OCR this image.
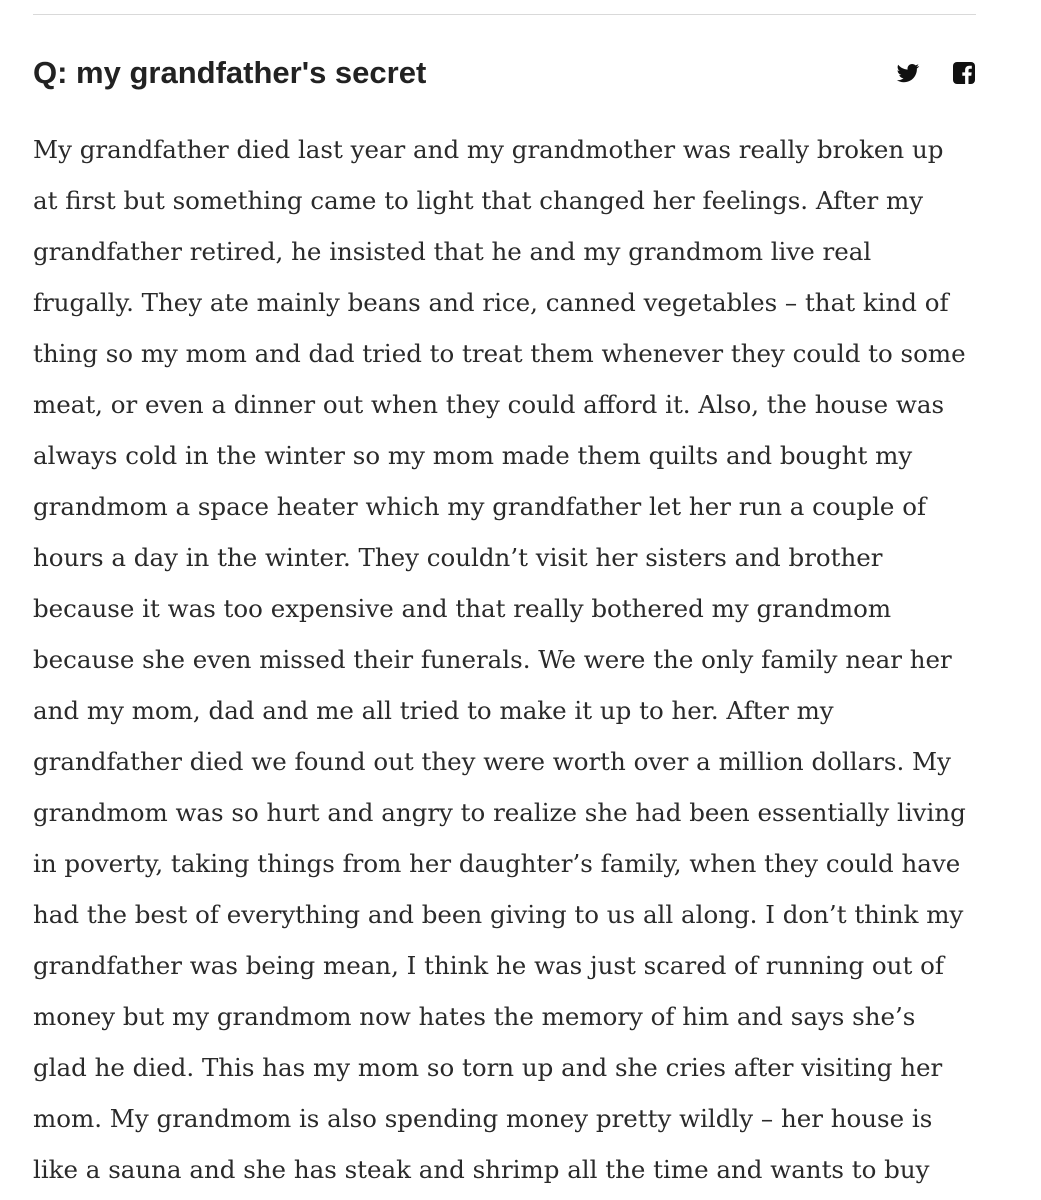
Q: my grandfather's secret
My grandfather died last year and my grandmother was really broken up
at first but something came to light that changed her feelings. After my
grandfather retired, he insisted that he and my grandmom live real
frugally. They ate mainly beans and rice, canned vegetables – that kind of
thing so my mom and dad tried to treat them whenever they could to some
meat, or even a dinner out when they could afford it. Also, the house was
always cold in the winter so my mom made them quilts and bought my
grandmom a space heater which my grandfather let her run a couple of
hours a day in the winter. They couldn’t visit her sisters and brother
because it was too expensive and that really bothered my grandmom
because she even missed their funerals. We were the only family near her
and my mom, dad and me all tried to make it up to her. After my
grandfather died we found out they were worth over a million dollars. My
grandmom was so hurt and angry to realize she had been essentially living
in poverty, taking things from her daughter’s family, when they could have
had the best of everything and been giving to us all along. I don’t think my
grandfather was being mean, I think he was just scared of running out of
money but my grandmom now hates the memory of him and says she’s
glad he died. This has my mom so torn up and she cries after visiting her
mom. My grandmom is also spending money pretty wildly – her house is
like a sauna and she has steak and shrimp all the time and wants to buy
